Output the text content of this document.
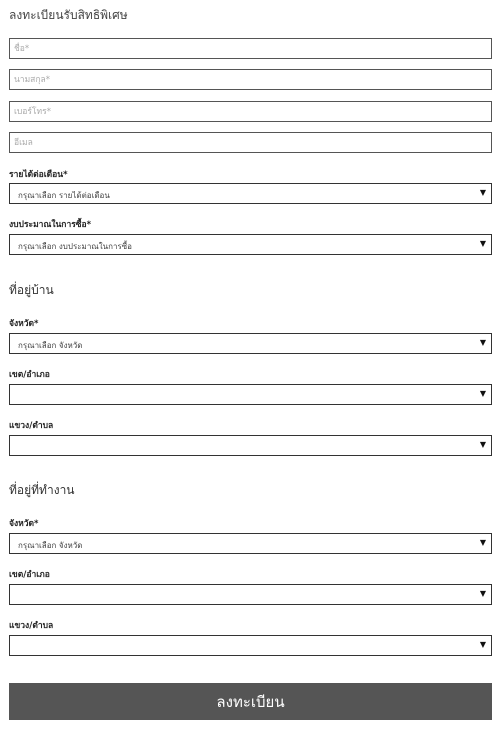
ลงทะเบียนรับสิทธิพิเศษ
ชื่อ*
นามสกุล*
เบอร์โทร*
อีเมล
รายได้ต่อเดือน*
กรุณาเลือก รายได้ต่อเดือน	▼
งบประมาณในการซื้อ*
กรุณาเลือก งบประมาณในการซื้อ	▼
ที่อยู่บ้าน
จังหวัด*
กรุณาเลือก จังหวัด	▼
เขต/อำเภอ
▼
แขวง/ตำบล
▼
ที่อยู่ที่ทำงาน
จังหวัด*
กรุณาเลือก จังหวัด	▼
เขต/อำเภอ
▼
แขวง/ตำบล
▼
ลงทะเบียน
